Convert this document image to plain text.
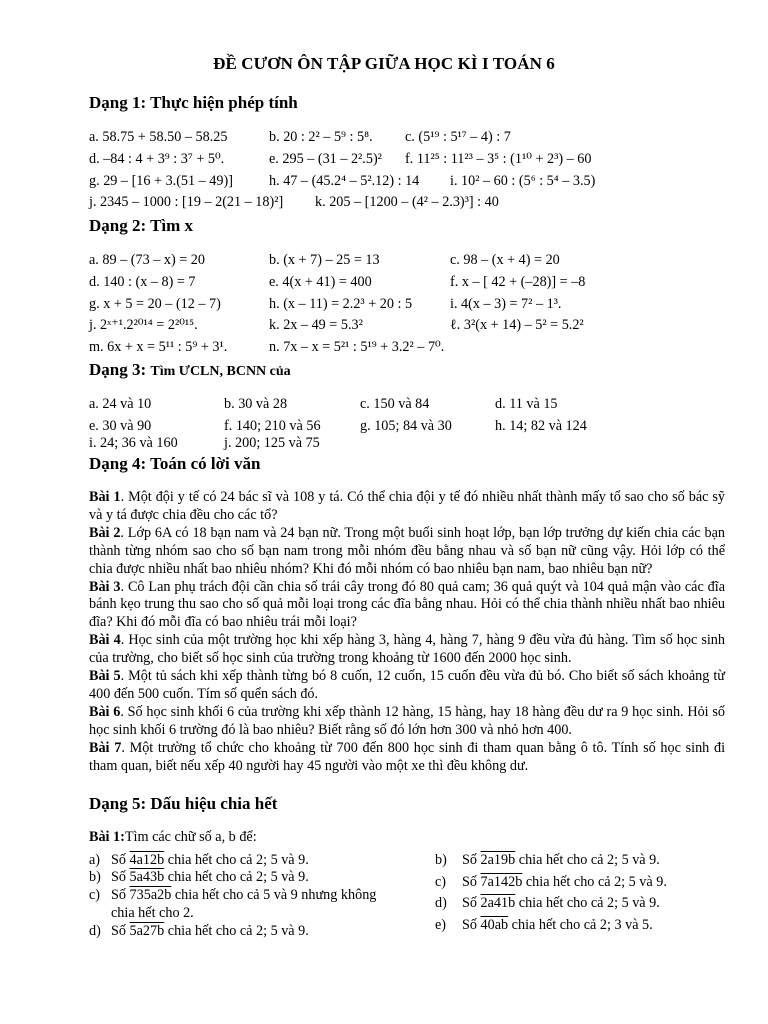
ĐỀ CƯƠN ÔN TẬP GIỮA HỌC KÌ I TOÁN 6
Dạng 1: Thực hiện phép tính
a. 58.75 + 58.50 – 58.25	b. 20 : 2² – 5⁹ : 5⁸. c. (5¹⁹ : 5¹⁷ – 4) : 7
d. –84 : 4 + 3⁹ : 3⁷ + 5⁰.	e. 295 – (31 – 2².5)² f. 11²⁵ : 11²³ – 3⁵ : (1¹⁰ + 2³) – 60
g. 29 – [16 + 3.(51 – 49)]	h. 47 – (45.2⁴ – 5².12) : 14 i. 10² – 60 : (5⁶ : 5⁴ – 3.5)
j. 2345 – 1000 : [19 – 2(21 – 18)²] k. 205 – [1200 – (4² – 2.3)³] : 40
Dạng 2: Tìm x
a. 89 – (73 – x) = 20	b. (x + 7) – 25 = 13	c. 98 – (x + 4) = 20
d. 140 : (x – 8) = 7	e. 4(x + 41) = 400	f. x – [ 42 + (–28)] = –8
g. x + 5 = 20 – (12 – 7)	h. (x – 11) = 2.2³ + 20 : 5	i. 4(x – 3) = 7² – 1³.
j. 2ˣ⁺¹.2²⁰¹⁴ = 2²⁰¹⁵.	k. 2x – 49 = 5.3²	ℓ. 3²(x + 14) – 5² = 5.2²
m. 6x + x = 5¹¹ : 5⁹ + 3¹.	n. 7x – x = 5²¹ : 5¹⁹ + 3.2² – 7⁰.
Dạng 3: Tìm ƯCLN, BCNN của
a. 24 và 10	b. 30 và 28	c. 150 và 84	d. 11 và 15
e. 30 và 90	f. 140; 210 và 56	g. 105; 84 và 30	h. 14; 82 và 124
i. 24; 36 và 160	j. 200; 125 và 75
Dạng 4: Toán có lời văn
Bài 1. Một đội y tế có 24 bác sĩ và 108 y tá. Có thể chia đội y tế đó nhiều nhất thành mấy tổ sao cho số bác sỹ và y tá được chia đều cho các tổ?
Bài 2. Lớp 6A có 18 bạn nam và 24 bạn nữ. Trong một buổi sinh hoạt lớp, bạn lớp trưởng dự kiến chia các bạn thành từng nhóm sao cho số bạn nam trong mỗi nhóm đều bằng nhau và số bạn nữ cũng vậy. Hỏi lớp có thể chia được nhiều nhất bao nhiêu nhóm? Khi đó mỗi nhóm có bao nhiêu bạn nam, bao nhiêu bạn nữ?
Bài 3. Cô Lan phụ trách đội cần chia số trái cây trong đó 80 quả cam; 36 quả quýt và 104 quả mận vào các đĩa bánh kẹo trung thu sao cho số quả mỗi loại trong các đĩa bằng nhau. Hỏi có thể chia thành nhiều nhất bao nhiêu đĩa? Khi đó mỗi đĩa có bao nhiêu trái mỗi loại?
Bài 4. Học sinh của một trường học khi xếp hàng 3, hàng 4, hàng 7, hàng 9 đều vừa đủ hàng. Tìm số học sinh của trường, cho biết số học sinh của trường trong khoảng từ 1600 đến 2000 học sinh.
Bài 5. Một tủ sách khi xếp thành từng bó 8 cuốn, 12 cuốn, 15 cuốn đều vừa đủ bó. Cho biết số sách khoảng từ 400 đến 500 cuốn. Tím số quển sách đó.
Bài 6. Số học sinh khối 6 của trường khi xếp thành 12 hàng, 15 hàng, hay 18 hàng đều dư ra 9 học sinh. Hỏi số học sinh khối 6 trường đó là bao nhiêu? Biết rằng số đó lớn hơn 300 và nhỏ hơn 400.
Bài 7. Một trường tổ chức cho khoảng từ 700 đến 800 học sinh đi tham quan bằng ô tô. Tính số học sinh đi tham quan, biết nếu xếp 40 người hay 45 người vào một xe thì đều không dư.
Dạng 5: Dấu hiệu chia hết
Bài 1: Tìm các chữ số a, b để:
a) Số 4a12b chia hết cho cả 2; 5 và 9.
b) Số 5a43b chia hết cho cả 2; 5 và 9.
c) Số 735a2b chia hết cho cả 5 và 9 nhưng không
chia hết cho 2.
d) Số 5a27b chia hết cho cả 2; 5 và 9.
b) Số 2a19b chia hết cho cả 2; 5 và 9.
c) Số 7a142b chia hết cho cả 2; 5 và 9.
d) Số 2a41b chia hết cho cả 2; 5 và 9.
e) Số 40ab chia hết cho cả 2; 3 và 5.
